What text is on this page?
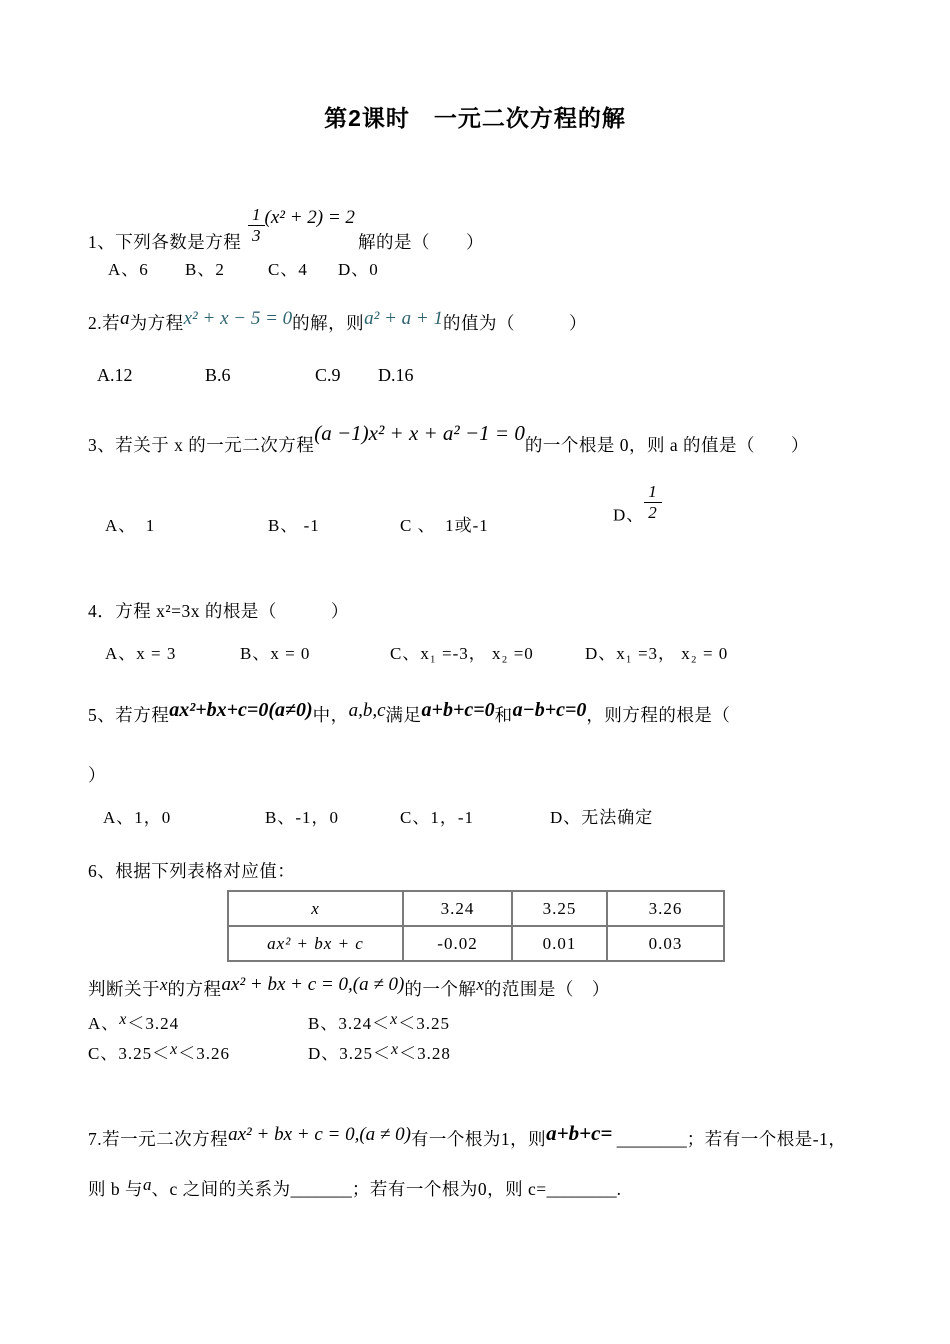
第2课时　一元二次方程的解
1、下列各数是方程 $\frac{1}{3} (x^2 + 2) = 2$
解的是（　　）
A、6 B、2	C、4 D、0
2.若a为方程x² + x − 5 = 0的解，则a² + a + 1的值为（　　　）
A.12	B.6	C.9 D.16
3、若关于 x 的一元二次方程(a −1)x² + x + a² −1 = 0的一个根是 0，则 a 的值是（　　）
A、　1	B、 -1	C 、　1或-1
D、 $\frac{1}{2}$
4．方程 x²=3x 的根是（　　　）
A、x = 3	B、x = 0	C、x₁ =-3， x₂ =0	D、x₁ =3， x₂ = 0
5、若方程ax²+bx+c=0(a≠0)中，a,b,c满足a+b+c=0和a−b+c=0，则方程的根是（
）
A、1，0	B、-1，0	C、1，-1	D、无法确定
6、根据下列表格对应值：
x	3.24	3.25	3.26
ax² + bx + c	-0.02	0.01	0.03
判断关于x的方程ax² + bx + c = 0,(a ≠ 0)的一个解x的范围是（　）
A、x＜3.24	B、3.24＜x＜3.25
C、3.25＜x＜3.26	D、3.25＜x＜3.28
7.若一元二次方程ax² + bx + c = 0,(a ≠ 0)有一个根为1，则a+b+c= ________；若有一个根是-1，
则 b 与a、c 之间的关系为_______；若有一个根为0，则 c=________.
